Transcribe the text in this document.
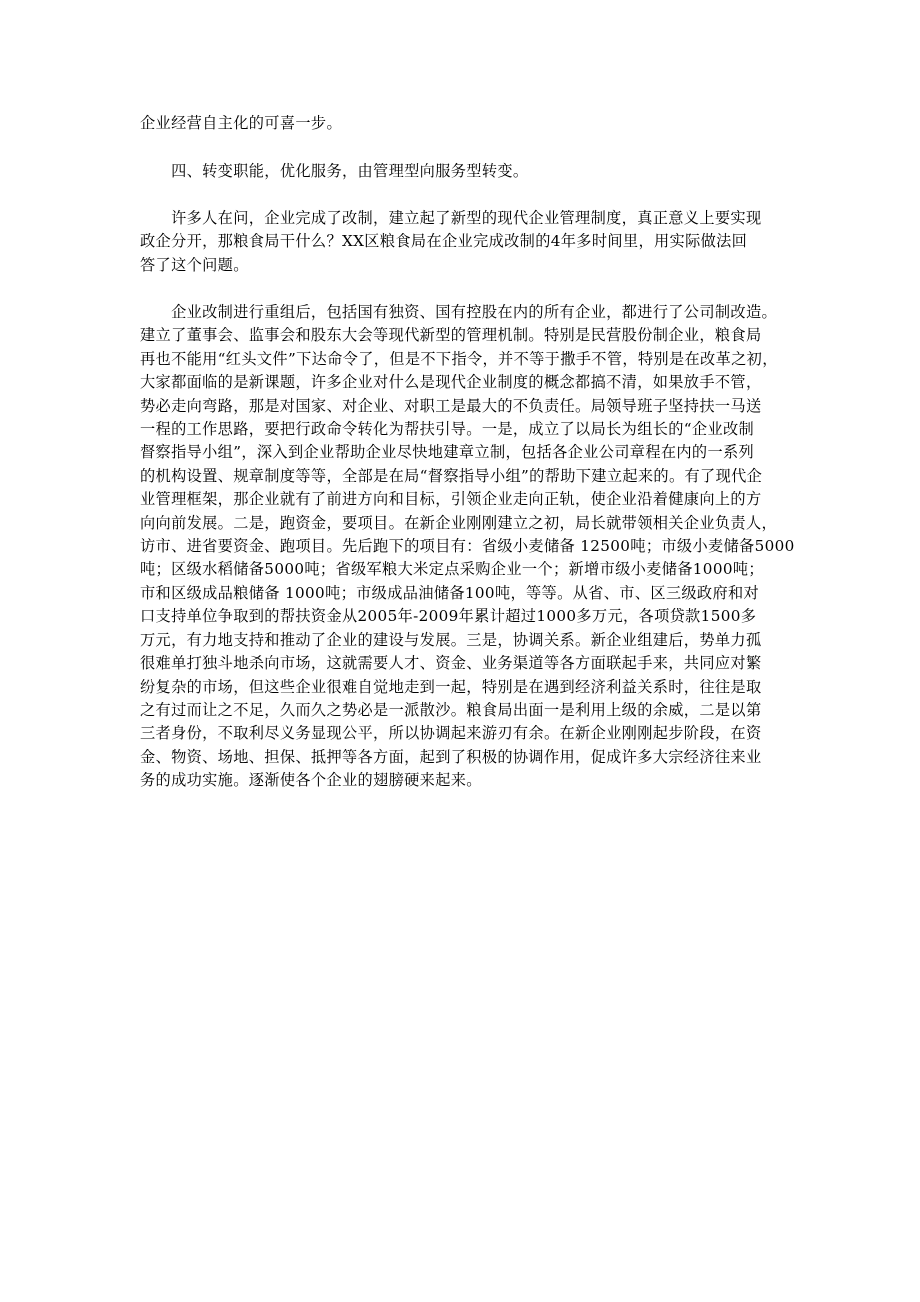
企业经营自主化的可喜一步。
　　四、转变职能，优化服务，由管理型向服务型转变。
　　许多人在问，企业完成了改制，建立起了新型的现代企业管理制度，真正意义上要实现
政企分开，那粮食局干什么？XX区粮食局在企业完成改制的4年多时间里，用实际做法回
答了这个问题。
　　企业改制进行重组后，包括国有独资、国有控股在内的所有企业，都进行了公司制改造。
建立了董事会、监事会和股东大会等现代新型的管理机制。特别是民营股份制企业，粮食局
再也不能用“红头文件”下达命令了，但是不下指令，并不等于撒手不管，特别是在改革之初，
大家都面临的是新课题，许多企业对什么是现代企业制度的概念都搞不清，如果放手不管，
势必走向弯路，那是对国家、对企业、对职工是最大的不负责任。局领导班子坚持扶一马送
一程的工作思路，要把行政命令转化为帮扶引导。一是，成立了以局长为组长的“企业改制
督察指导小组”，深入到企业帮助企业尽快地建章立制，包括各企业公司章程在内的一系列
的机构设置、规章制度等等，全部是在局“督察指导小组”的帮助下建立起来的。有了现代企
业管理框架，那企业就有了前进方向和目标，引领企业走向正轨，使企业沿着健康向上的方
向向前发展。二是，跑资金，要项目。在新企业刚刚建立之初，局长就带领相关企业负责人，
访市、进省要资金、跑项目。先后跑下的项目有：省级小麦储备 12500吨；市级小麦储备5000
吨；区级水稻储备5000吨；省级军粮大米定点采购企业一个；新增市级小麦储备1000吨；
市和区级成品粮储备 1000吨；市级成品油储备100吨，等等。从省、市、区三级政府和对
口支持单位争取到的帮扶资金从2005年-2009年累计超过1000多万元，各项贷款1500多
万元，有力地支持和推动了企业的建设与发展。三是，协调关系。新企业组建后，势单力孤
很难单打独斗地杀向市场，这就需要人才、资金、业务渠道等各方面联起手来，共同应对繁
纷复杂的市场，但这些企业很难自觉地走到一起，特别是在遇到经济利益关系时，往往是取
之有过而让之不足，久而久之势必是一派散沙。粮食局出面一是利用上级的余威，二是以第
三者身份，不取利尽义务显现公平，所以协调起来游刃有余。在新企业刚刚起步阶段，在资
金、物资、场地、担保、抵押等各方面，起到了积极的协调作用，促成许多大宗经济往来业
务的成功实施。逐渐使各个企业的翅膀硬来起来。
